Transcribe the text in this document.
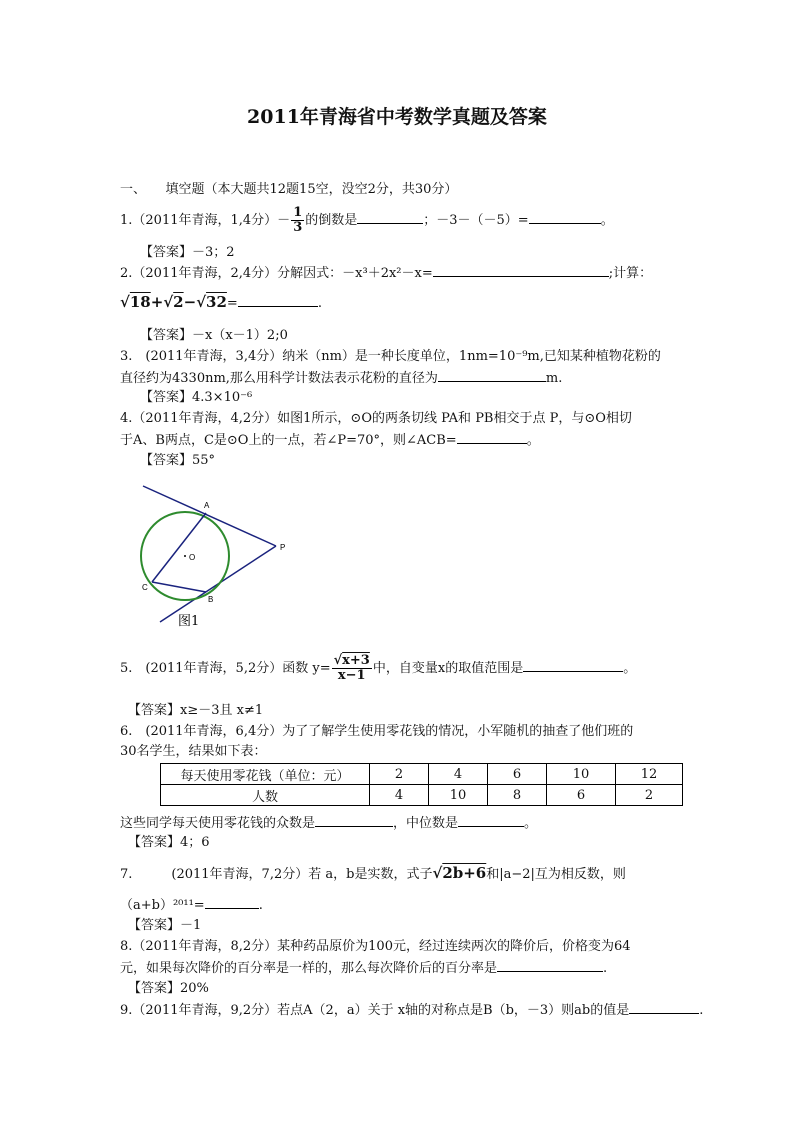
2011年青海省中考数学真题及答案
一、　　填空题（本大题共12题15空，没空2分，共30分）
1.（2011年青海，1,4分）－ $\frac{1}{3}$ 的倒数是	；－3－（－5）=	。
【答案】－3；2
2.（2011年青海，2,4分）分解因式：－x³＋2x²－x=	;计算：
√18+√2−√32=	.
【答案】－x（x－1）2;0
3.　(2011年青海，3,4分）纳米（nm）是一种长度单位，1nm=10⁻⁹m,已知某种植物花粉的
直径约为4330nm,那么用科学计数法表示花粉的直径为	m.
【答案】4.3×10⁻⁶
4.（2011年青海，4,2分）如图1所示，⊙O的两条切线 PA和 PB相交于点 P，与⊙O相切
于A、B两点，C是⊙O上的一点，若∠P=70°，则∠ACB=	。
【答案】55°
A
B
C
O
P
图1
5.　(2011年青海，5,2分）函数 $y= \frac{√x+3}{x-1}$ 中，自变量x的取值范围是	。
【答案】x≥－3且 x≠1
6.　(2011年青海，6,4分）为了了解学生使用零花钱的情况，小军随机的抽查了他们班的
30名学生，结果如下表：
每天使用零花钱（单位：元）	2	4	6	10	12
人数	4	10	8	6	2
这些同学每天使用零花钱的众数是	，中位数是	。
【答案】4；6
7.　　　(2011年青海，7,2分）若 a，b是实数，式子√2b+6和|a−2|互为相反数，则
（a+b）²⁰¹¹=	.
【答案】－1
8.（2011年青海，8,2分）某种药品原价为100元，经过连续两次的降价后，价格变为64
元，如果每次降价的百分率是一样的，那么每次降价后的百分率是	.
【答案】20%
9.（2011年青海，9,2分）若点A（2，a）关于 x轴的对称点是B（b，－3）则ab的值是	.
